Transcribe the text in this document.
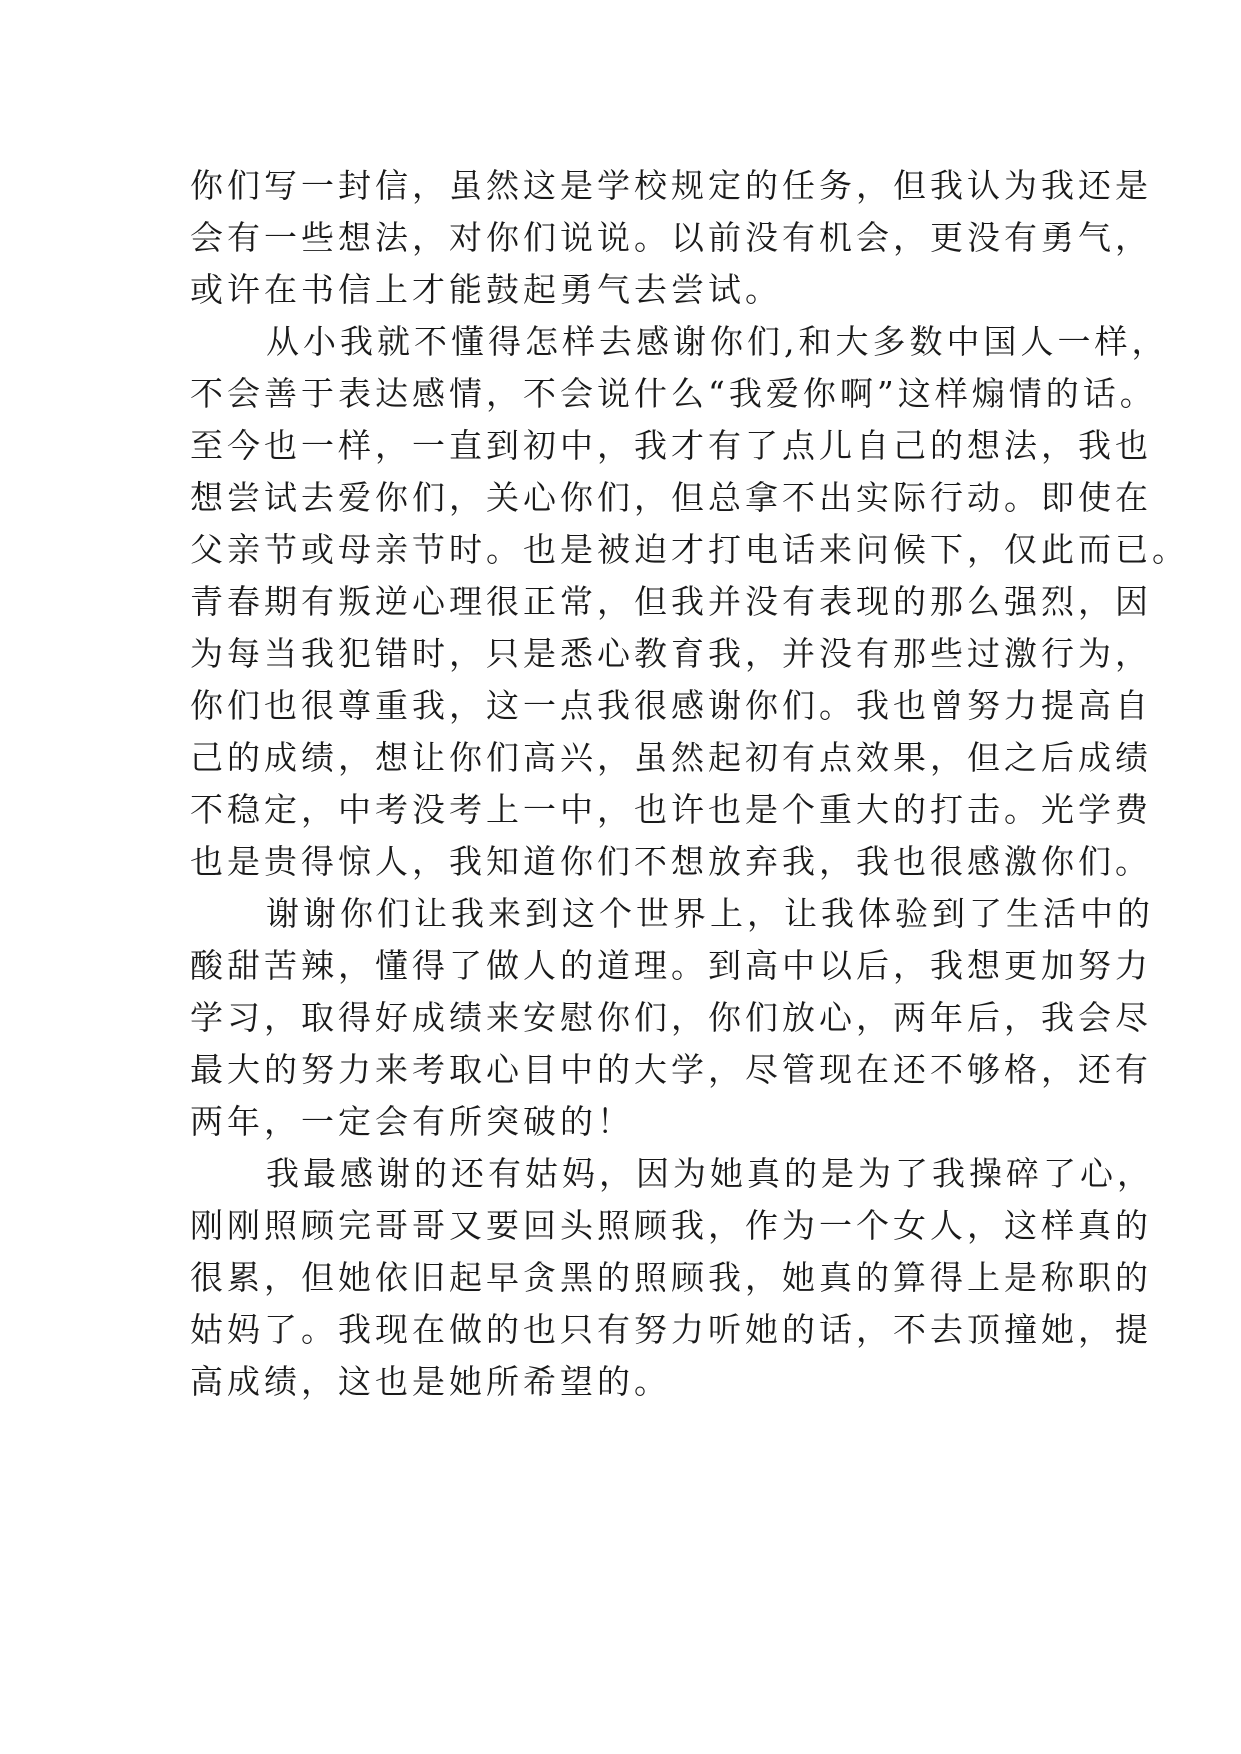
你们写一封信，虽然这是学校规定的任务，但我认为我还是
会有一些想法，对你们说说。以前没有机会，更没有勇气，
或许在书信上才能鼓起勇气去尝试。
从小我就不懂得怎样去感谢你们,和大多数中国人一样，
不会善于表达感情，不会说什么“我爱你啊”这样煽情的话。
至今也一样，一直到初中，我才有了点儿自己的想法，我也
想尝试去爱你们，关心你们，但总拿不出实际行动。即使在
父亲节或母亲节时。也是被迫才打电话来问候下，仅此而已。
青春期有叛逆心理很正常，但我并没有表现的那么强烈，因
为每当我犯错时，只是悉心教育我，并没有那些过激行为，
你们也很尊重我，这一点我很感谢你们。我也曾努力提高自
己的成绩，想让你们高兴，虽然起初有点效果，但之后成绩
不稳定，中考没考上一中，也许也是个重大的打击。光学费
也是贵得惊人，我知道你们不想放弃我，我也很感激你们。
谢谢你们让我来到这个世界上，让我体验到了生活中的
酸甜苦辣，懂得了做人的道理。到高中以后，我想更加努力
学习，取得好成绩来安慰你们，你们放心，两年后，我会尽
最大的努力来考取心目中的大学，尽管现在还不够格，还有
两年，一定会有所突破的！
我最感谢的还有姑妈，因为她真的是为了我操碎了心，
刚刚照顾完哥哥又要回头照顾我，作为一个女人，这样真的
很累，但她依旧起早贪黑的照顾我，她真的算得上是称职的
姑妈了。我现在做的也只有努力听她的话，不去顶撞她，提
高成绩，这也是她所希望的。
